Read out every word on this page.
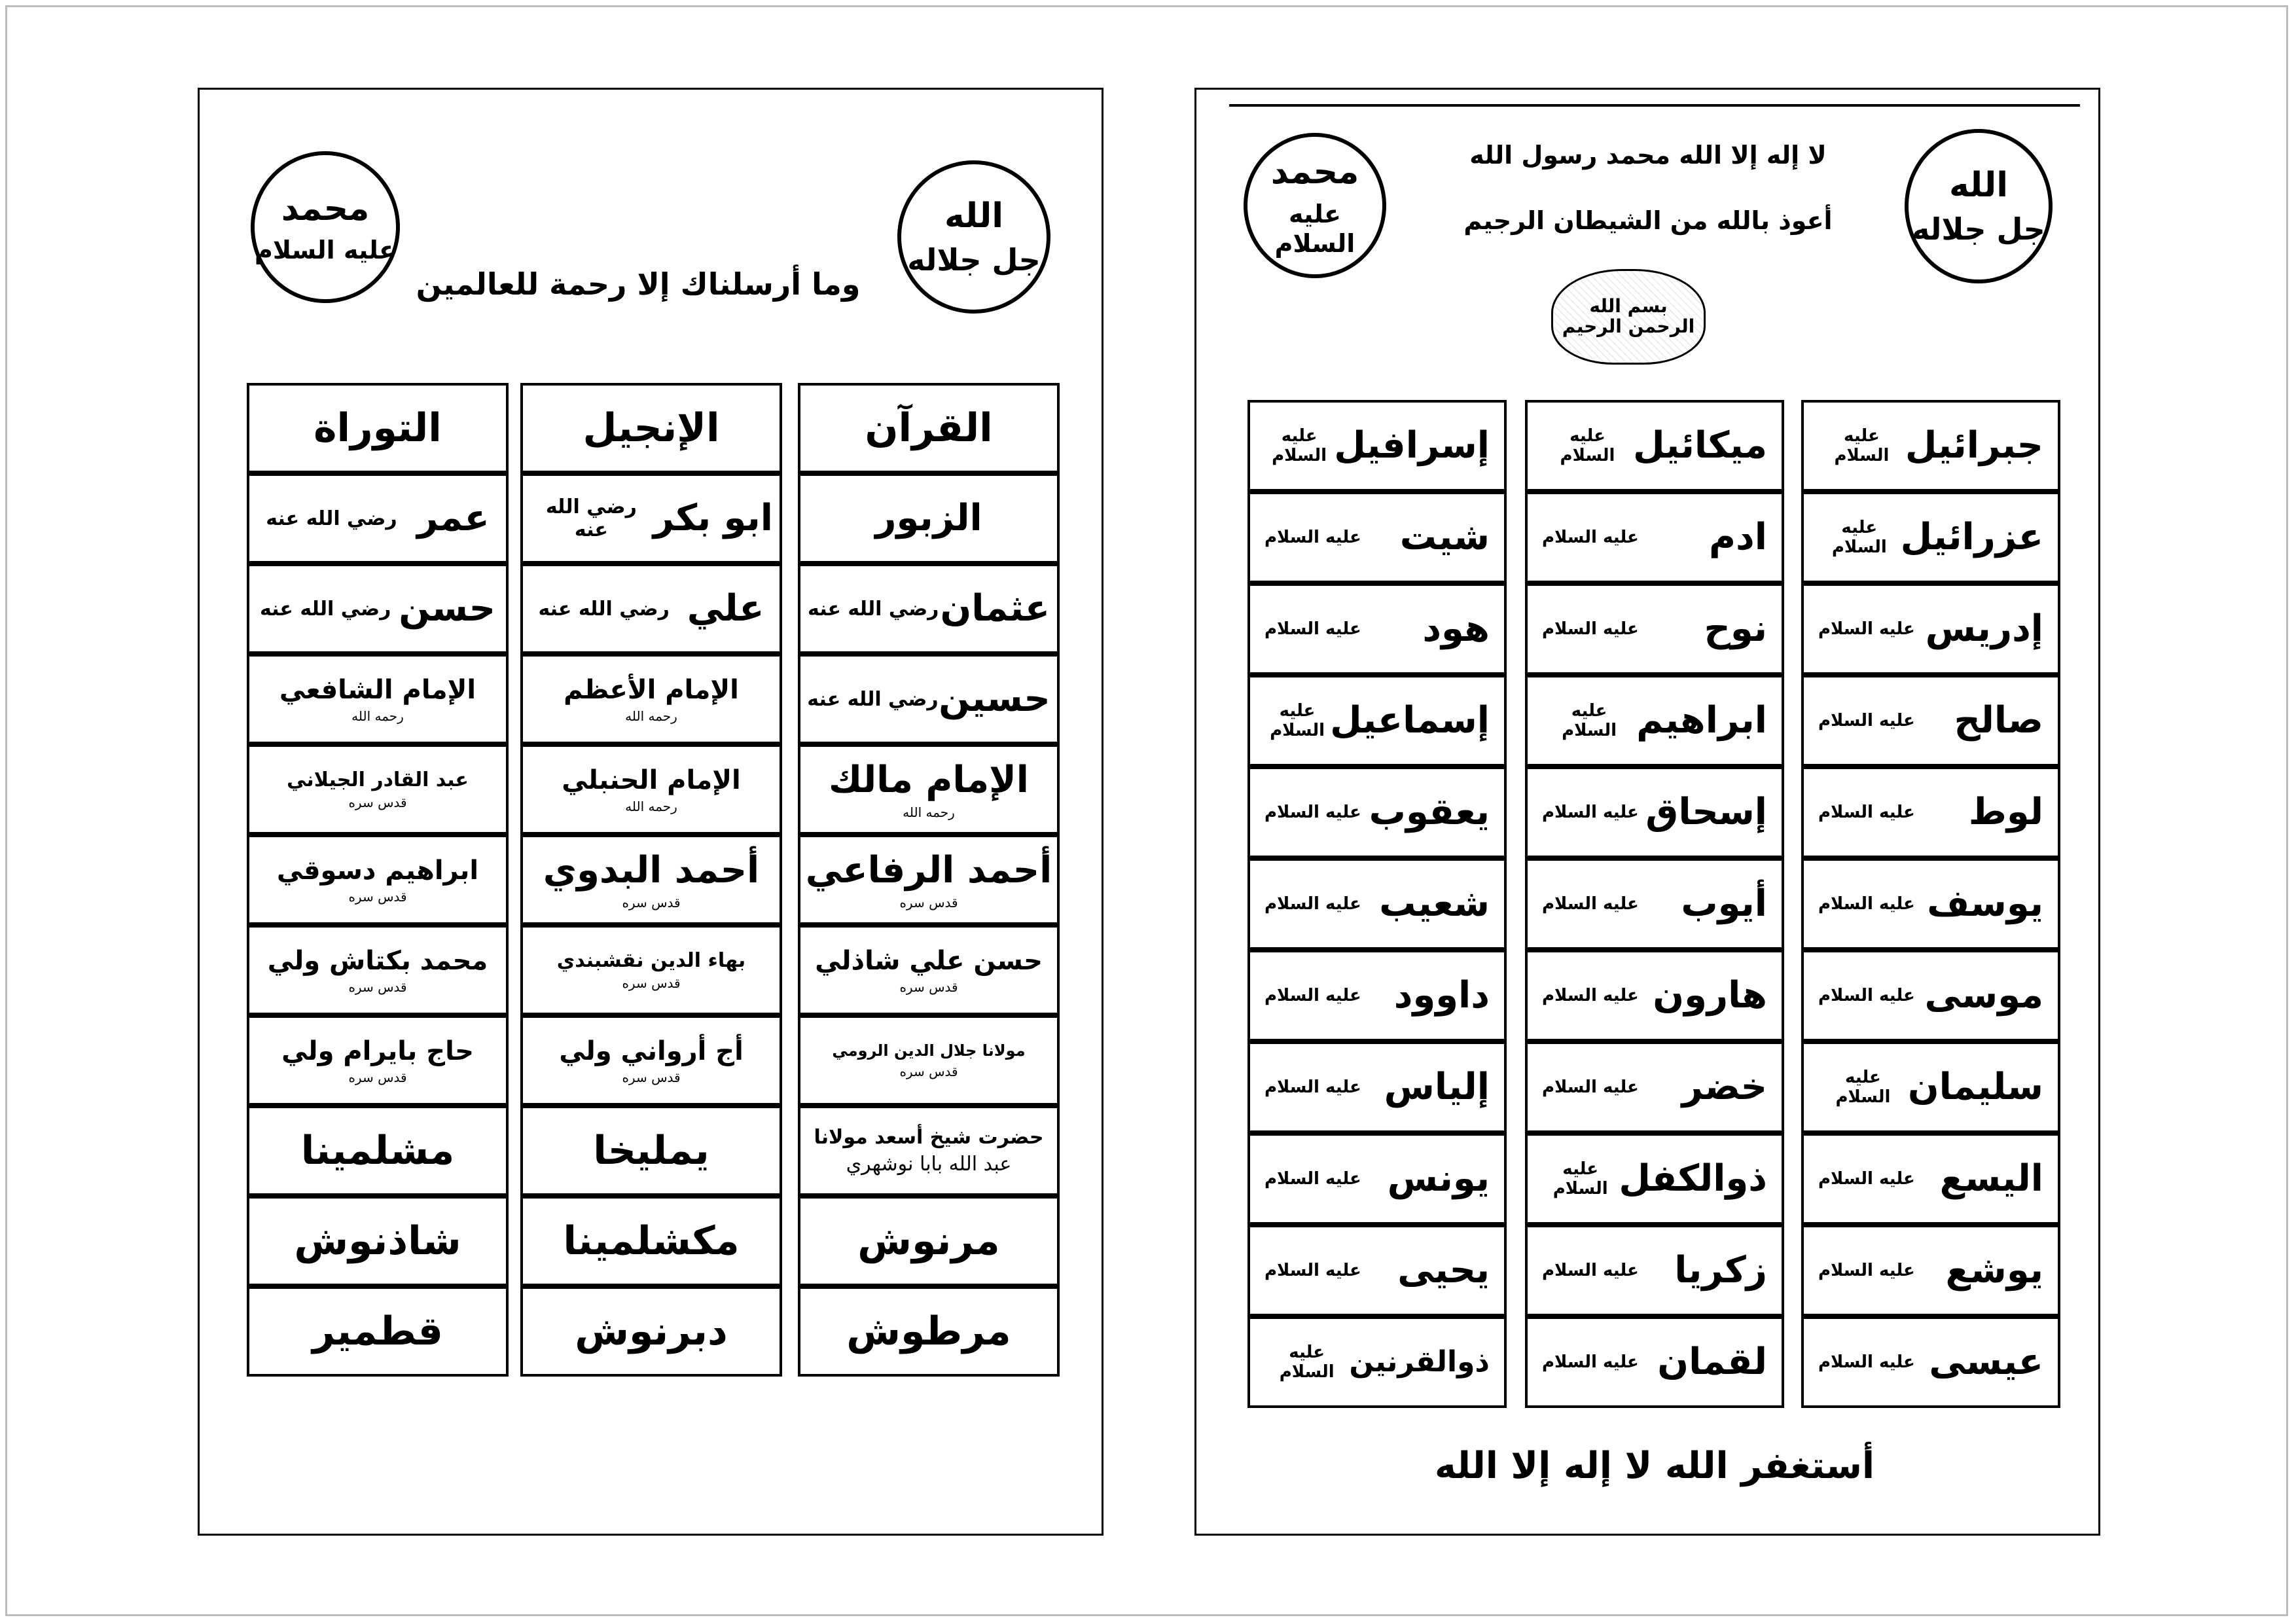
الله
جل جلاله
محمد
عليه السلام
وما أرسلناك إلا رحمة للعالمين
القرآن
الزبور
عثمان
رضي الله عنه
حسين
رضي الله عنه
الإمام مالك
رحمه الله
أحمد الرفاعي
قدس سره
حسن علي شاذلي
قدس سره
مولانا جلال الدين الرومي
قدس سره
حضرت شيخ أسعد مولانا
عبد الله بابا نوشهري
مرنوش
مرطوش
الإنجيل
ابو بكر
رضي الله عنه
علي
رضي الله عنه
الإمام الأعظم
رحمه الله
الإمام الحنبلي
رحمه الله
أحمد البدوي
قدس سره
بهاء الدين نقشبندي
قدس سره
أج أرواني ولي
قدس سره
يمليخا
مكشلمينا
دبرنوش
التوراة
عمر
رضي الله عنه
حسن
رضي الله عنه
الإمام الشافعي
رحمه الله
عبد القادر الجيلاني
قدس سره
ابراهيم دسوقي
قدس سره
محمد بكتاش ولي
قدس سره
حاج بايرام ولي
قدس سره
مشلمينا
شاذنوش
قطمير
الله
جل جلاله
محمد
عليه السلام
لا إله إلا الله محمد رسول الله
أعوذ بالله من الشيطان الرجيم
بسم الله الرحمن الرحيم
أستغفر الله لا إله إلا الله
جبرائيل
عليه السلام
عزرائيل
عليه السلام
إدريس
عليه السلام
صالح
عليه السلام
لوط
عليه السلام
يوسف
عليه السلام
موسى
عليه السلام
سليمان
عليه السلام
اليسع
عليه السلام
يوشع
عليه السلام
عيسى
عليه السلام
ميكائيل
عليه السلام
ادم
عليه السلام
نوح
عليه السلام
ابراهيم
عليه السلام
إسحاق
عليه السلام
أيوب
عليه السلام
هارون
عليه السلام
خضر
عليه السلام
ذوالكفل
عليه السلام
زكريا
عليه السلام
لقمان
عليه السلام
إسرافيل
عليه السلام
شيت
عليه السلام
هود
عليه السلام
إسماعيل
عليه السلام
يعقوب
عليه السلام
شعيب
عليه السلام
داوود
عليه السلام
إلياس
عليه السلام
يونس
عليه السلام
يحيى
عليه السلام
ذوالقرنين
عليه السلام
